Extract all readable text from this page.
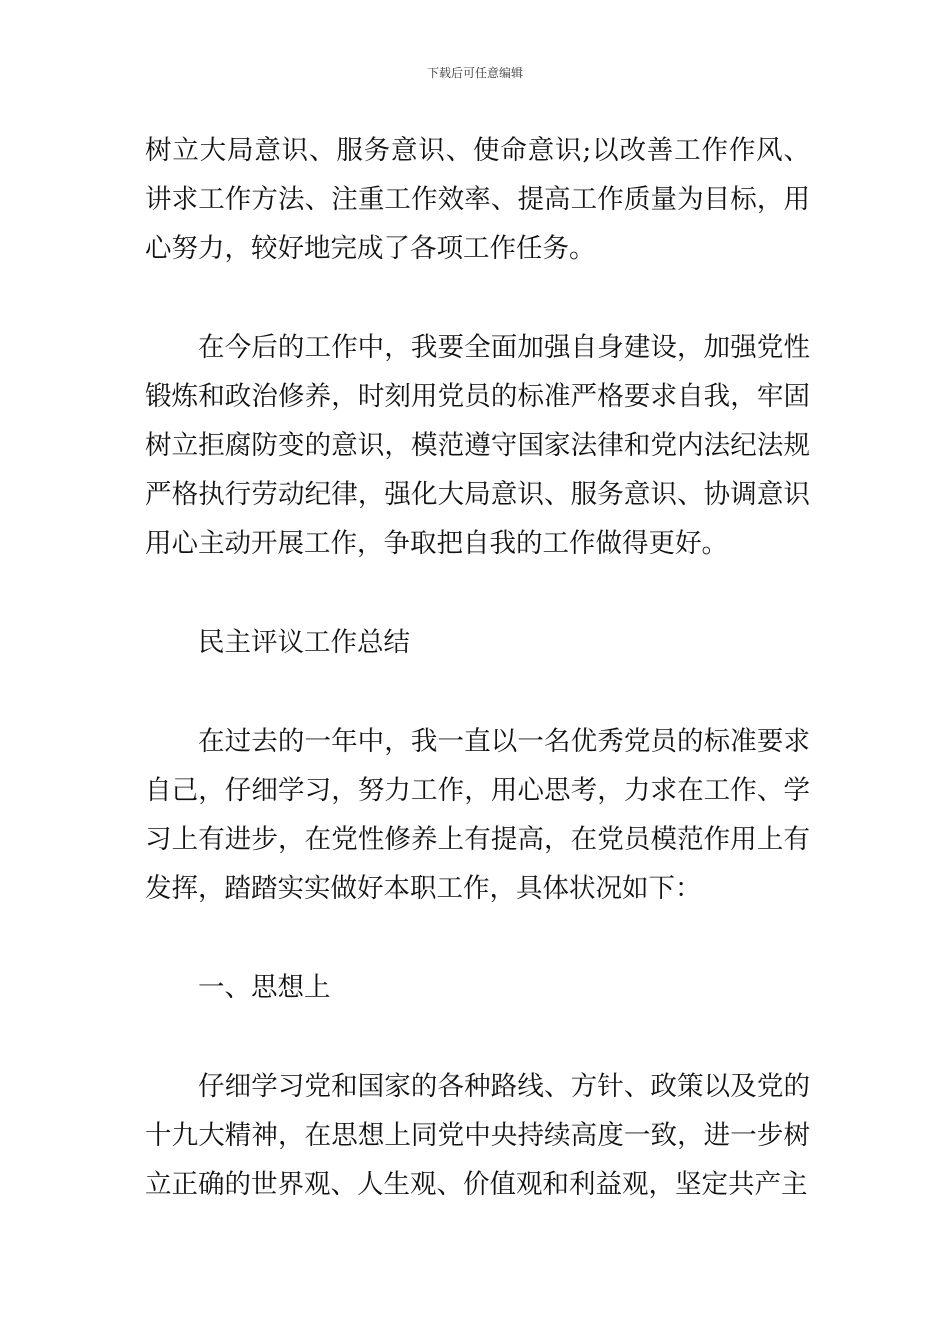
下载后可任意编辑

树立大局意识、服务意识、使命意识;以改善工作作风、讲求工作方法、注重工作效率、提高工作质量为目标，用心努力，较好地完成了各项工作任务。

在今后的工作中，我要全面加强自身建设，加强党性锻炼和政治修养，时刻用党员的标准严格要求自我，牢固树立拒腐防变的意识，模范遵守国家法律和党内法纪法规严格执行劳动纪律，强化大局意识、服务意识、协调意识用心主动开展工作，争取把自我的工作做得更好。

民主评议工作总结

在过去的一年中，我一直以一名优秀党员的标准要求自己，仔细学习，努力工作，用心思考，力求在工作、学习上有进步，在党性修养上有提高，在党员模范作用上有发挥，踏踏实实做好本职工作，具体状况如下：

一、思想上

仔细学习党和国家的各种路线、方针、政策以及党的十九大精神，在思想上同党中央持续高度一致，进一步树立正确的世界观、人生观、价值观和利益观，坚定共产主
